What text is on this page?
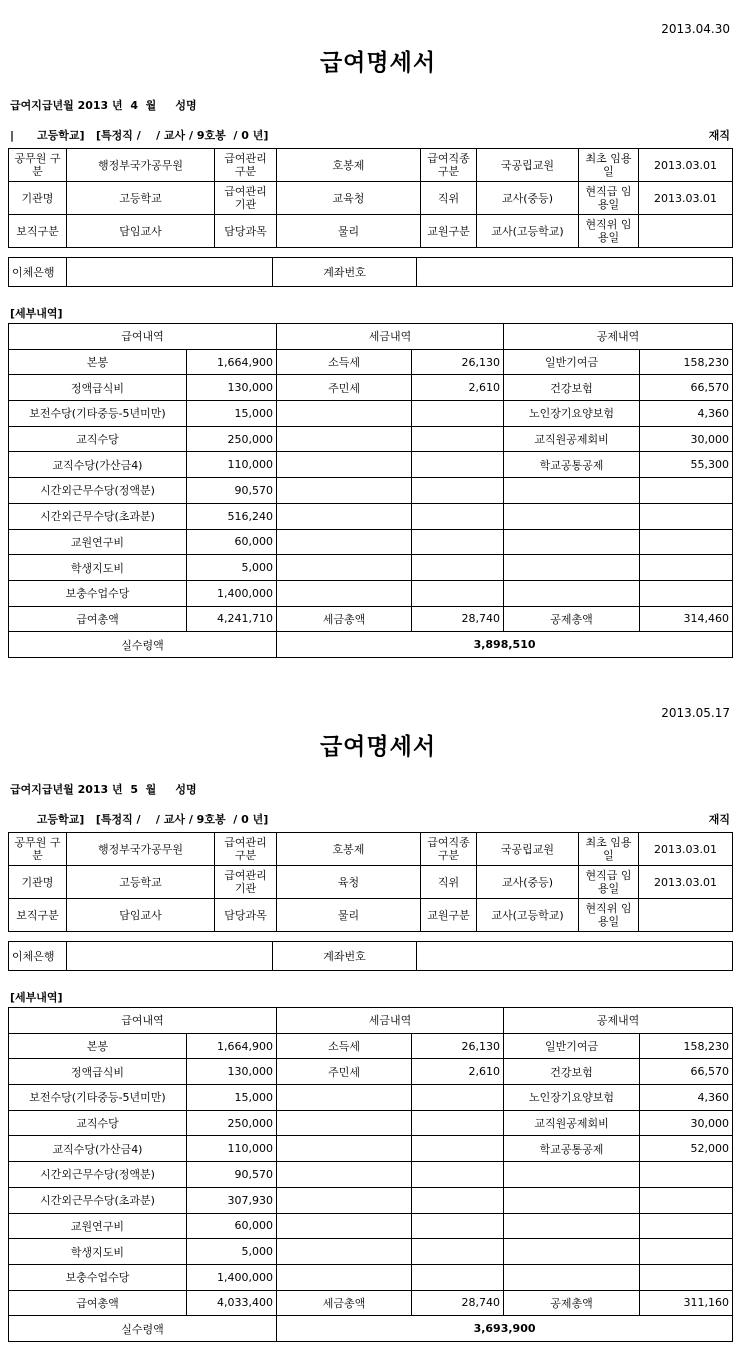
2013.04.30
급여명세서
급여지급년월 2013 년  4  월     성명
|      고등학교]   [특정직 /    / 교사 / 9호봉  / 0 년]	재직
공무원 구분	행정부국가공무원	급여관리 구분	호봉제	급여직종 구분	국공립교원	최초 임용일	2013.03.01
기관명	고등학교	급여관리 기관	교육청	직위	교사(중등)	현직급 임용일	2013.03.01
보직구분	담임교사	담당과목	물리	교원구분	교사(고등학교)	현직위 임용일	
이체은행		계좌번호	
[세부내역]
급여내역		세금내역		공제내역	
본봉	1,664,900	소득세	26,130	일반기여금	158,230
정액급식비	130,000	주민세	2,610	건강보험	66,570
보전수당(기타중등-5년미만)	15,000			노인장기요양보험	4,360
교직수당	250,000			교직원공제회비	30,000
교직수당(가산금4)	110,000			학교공통공제	55,300
시간외근무수당(정액분)	90,570				
시간외근무수당(초과분)	516,240				
교원연구비	60,000				
학생지도비	5,000				
보충수업수당	1,400,000				
급여총액	4,241,710	세금총액	28,740	공제총액	314,460
실수령액		3,898,510			
2013.05.17
급여명세서
급여지급년월 2013 년  5  월     성명
고등학교]   [특정직 /    / 교사 / 9호봉  / 0 년]	재직
공무원 구분	행정부국가공무원	급여관리 구분	호봉제	급여직종 구분	국공립교원	최초 임용일	2013.03.01
기관명	고등학교	급여관리 기관	육청	직위	교사(중등)	현직급 임용일	2013.03.01
보직구분	담임교사	담당과목	물리	교원구분	교사(고등학교)	현직위 임용일	
이체은행		계좌번호	
[세부내역]
급여내역		세금내역		공제내역	
본봉	1,664,900	소득세	26,130	일반기여금	158,230
정액급식비	130,000	주민세	2,610	건강보험	66,570
보전수당(기타중등-5년미만)	15,000			노인장기요양보험	4,360
교직수당	250,000			교직원공제회비	30,000
교직수당(가산금4)	110,000			학교공통공제	52,000
시간외근무수당(정액분)	90,570				
시간외근무수당(초과분)	307,930				
교원연구비	60,000				
학생지도비	5,000				
보충수업수당	1,400,000				
급여총액	4,033,400	세금총액	28,740	공제총액	311,160
실수령액		3,693,900			
